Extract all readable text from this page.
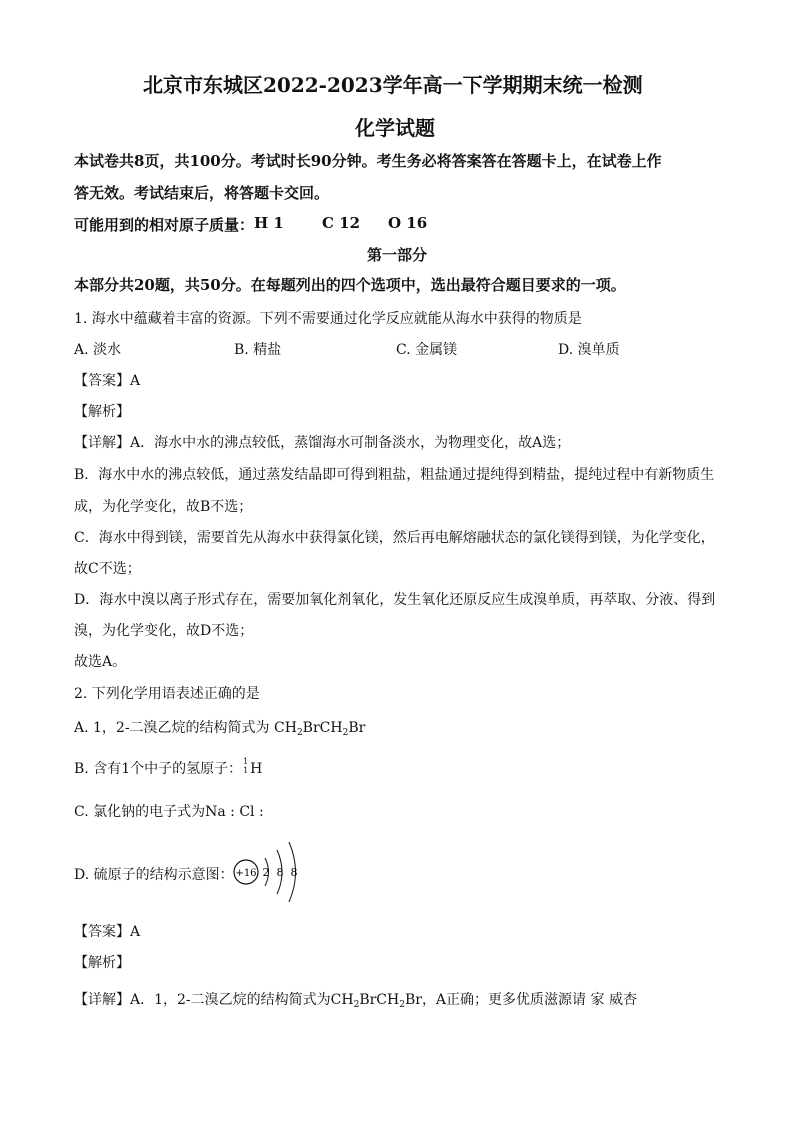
北京市东城区2022-2023学年高一下学期期末统一检测
化学试题
本试卷共8页，共100分。考试时长90分钟。考生务必将答案答在答题卡上，在试卷上作
答无效。考试结束后，将答题卡交回。
可能用到的相对原子质量： H 1	C 12 O 16
第一部分
本部分共20题，共50分。在每题列出的四个选项中，选出最符合题目要求的一项。
1. 海水中蕴藏着丰富的资源。下列不需要通过化学反应就能从海水中获得的物质是
A. 淡水	B. 精盐	C. 金属镁	D. 溴单质
【答案】A
【解析】
【详解】A．海水中水的沸点较低，蒸馏海水可制备淡水，为物理变化，故A选；
B．海水中水的沸点较低，通过蒸发结晶即可得到粗盐，粗盐通过提纯得到精盐，提纯过程中有新物质生
成，为化学变化，故B不选；
C．海水中得到镁，需要首先从海水中获得氯化镁，然后再电解熔融状态的氯化镁得到镁，为化学变化，
故C不选；
D．海水中溴以离子形式存在，需要加氧化剂氧化，发生氧化还原反应生成溴单质，再萃取、分液、得到
溴，为化学变化，故D不选；
故选A。
2. 下列化学用语表述正确的是
A. 1，2-二溴乙烷的结构简式为 $CH_2BrCH_2Br$
B. 含有1个中子的氢原子： 1
1 H
C. 氯化钠的电子式为Na : Cl :
D. 硫原子的结构示意图： +16 2 8 8
【答案】A
【解析】
【详解】A．1，2-二溴乙烷的结构简式为$CH_2BrCH_2Br$，A正确；更多优质滋源请 家 威杏
